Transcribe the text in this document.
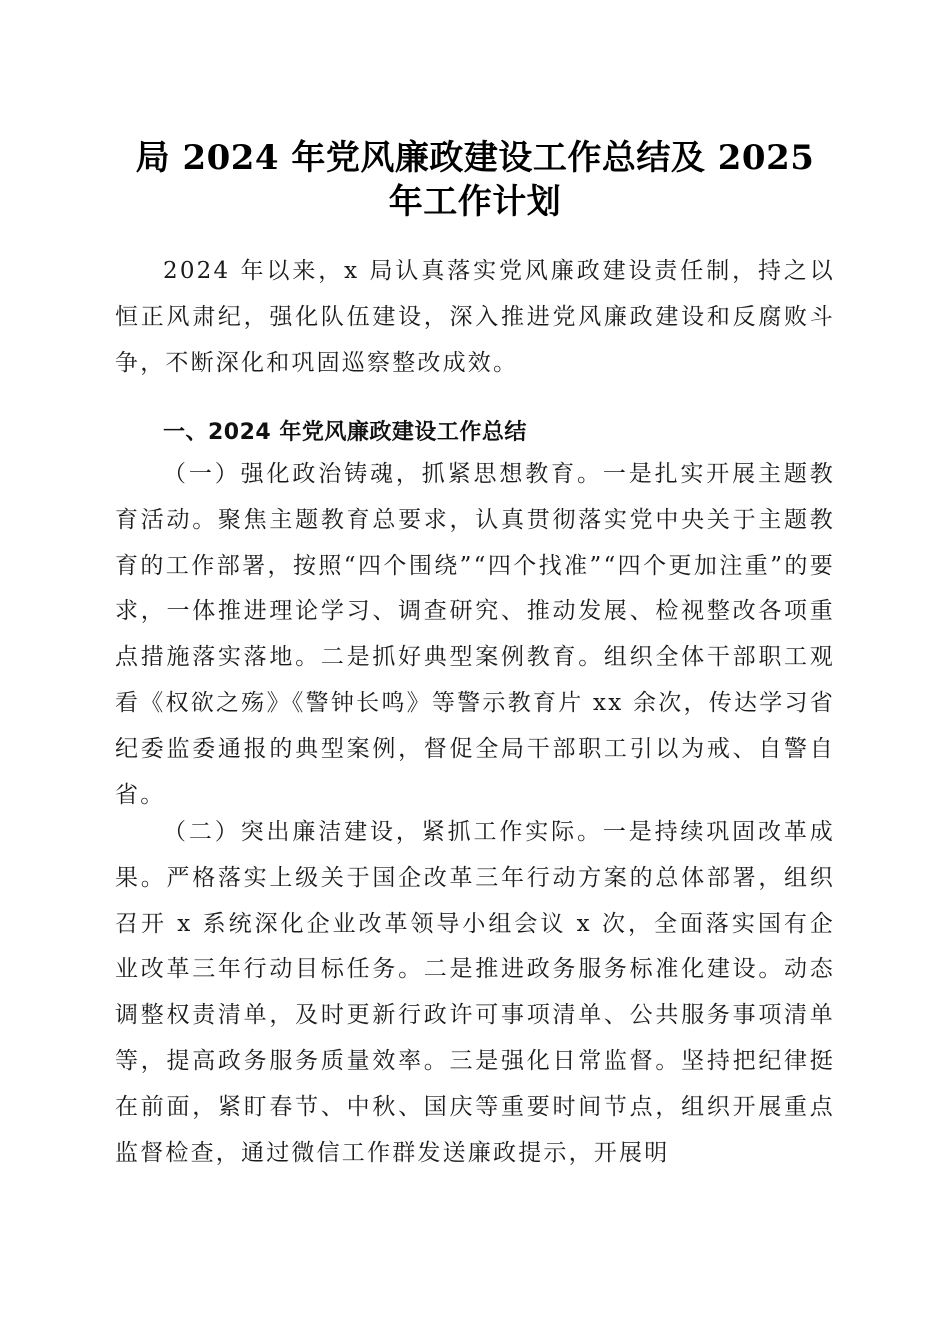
局 2024 年党风廉政建设工作总结及 2025 年工作计划

2024 年以来，x 局认真落实党风廉政建设责任制，持之以恒正风肃纪，强化队伍建设，深入推进党风廉政建设和反腐败斗争，不断深化和巩固巡察整改成效。

一、2024 年党风廉政建设工作总结

（一）强化政治铸魂，抓紧思想教育。一是扎实开展主题教育活动。聚焦主题教育总要求，认真贯彻落实党中央关于主题教育的工作部署，按照“四个围绕”“四个找准”“四个更加注重”的要求，一体推进理论学习、调查研究、推动发展、检视整改各项重点措施落实落地。二是抓好典型案例教育。组织全体干部职工观看《权欲之殇》《警钟长鸣》等警示教育片 xx 余次，传达学习省纪委监委通报的典型案例，督促全局干部职工引以为戒、自警自省。

（二）突出廉洁建设，紧抓工作实际。一是持续巩固改革成果。严格落实上级关于国企改革三年行动方案的总体部署，组织召开 x 系统深化企业改革领导小组会议 x 次，全面落实国有企业改革三年行动目标任务。二是推进政务服务标准化建设。动态调整权责清单，及时更新行政许可事项清单、公共服务事项清单等，提高政务服务质量效率。三是强化日常监督。坚持把纪律挺在前面，紧盯春节、中秋、国庆等重要时间节点，组织开展重点监督检查，通过微信工作群发送廉政提示，开展明
